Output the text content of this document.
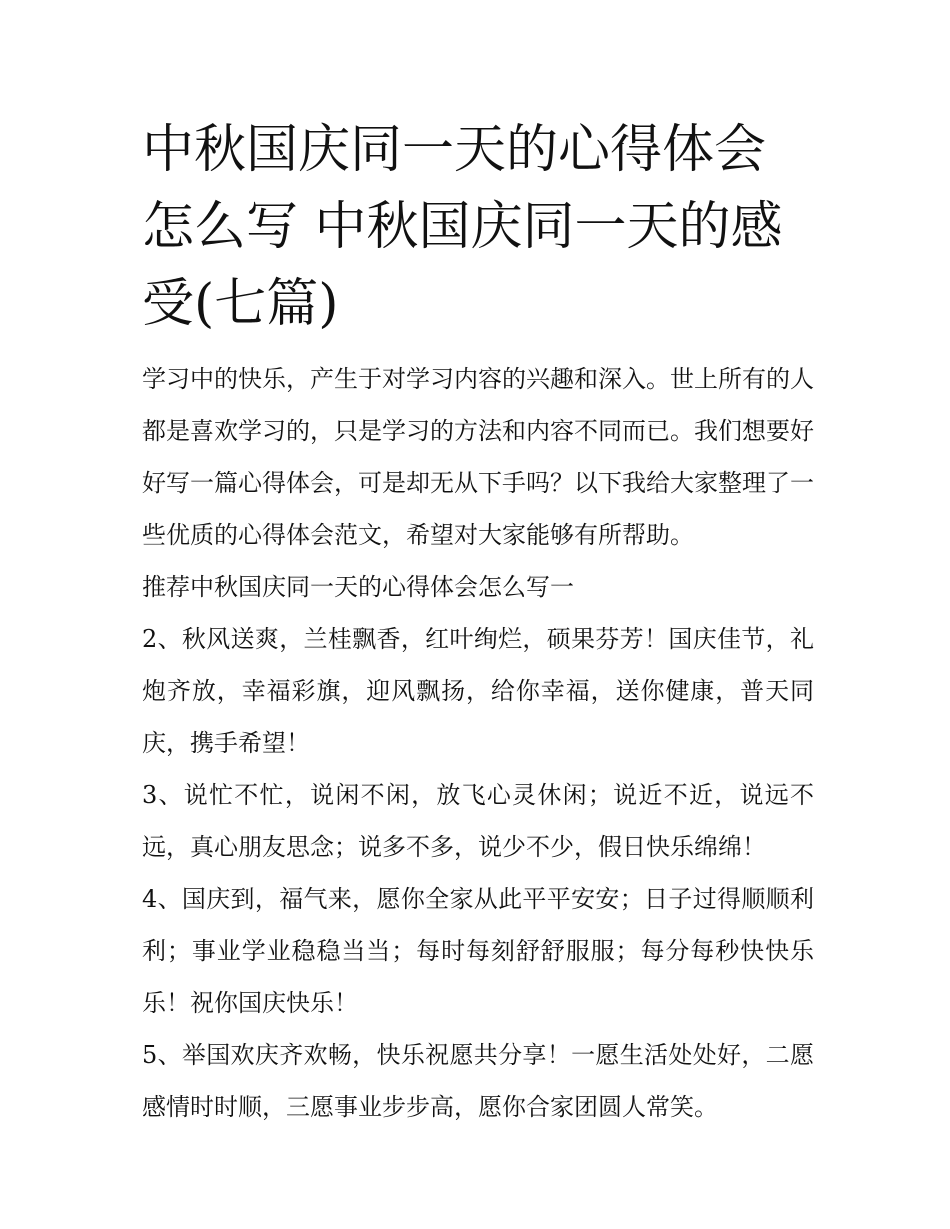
中秋国庆同一天的心得体会怎么写 中秋国庆同一天的感受(七篇)

学习中的快乐，产生于对学习内容的兴趣和深入。世上所有的人都是喜欢学习的，只是学习的方法和内容不同而已。我们想要好好写一篇心得体会，可是却无从下手吗？以下我给大家整理了一些优质的心得体会范文，希望对大家能够有所帮助。

推荐中秋国庆同一天的心得体会怎么写一

2、秋风送爽，兰桂飘香，红叶绚烂，硕果芬芳！国庆佳节，礼炮齐放，幸福彩旗，迎风飘扬，给你幸福，送你健康，普天同庆，携手希望！

3、说忙不忙，说闲不闲，放飞心灵休闲；说近不近，说远不远，真心朋友思念；说多不多，说少不少，假日快乐绵绵！

4、国庆到，福气来，愿你全家从此平平安安；日子过得顺顺利利；事业学业稳稳当当；每时每刻舒舒服服；每分每秒快快乐乐！祝你国庆快乐！

5、举国欢庆齐欢畅，快乐祝愿共分享！一愿生活处处好，二愿感情时时顺，三愿事业步步高，愿你合家团圆人常笑。
